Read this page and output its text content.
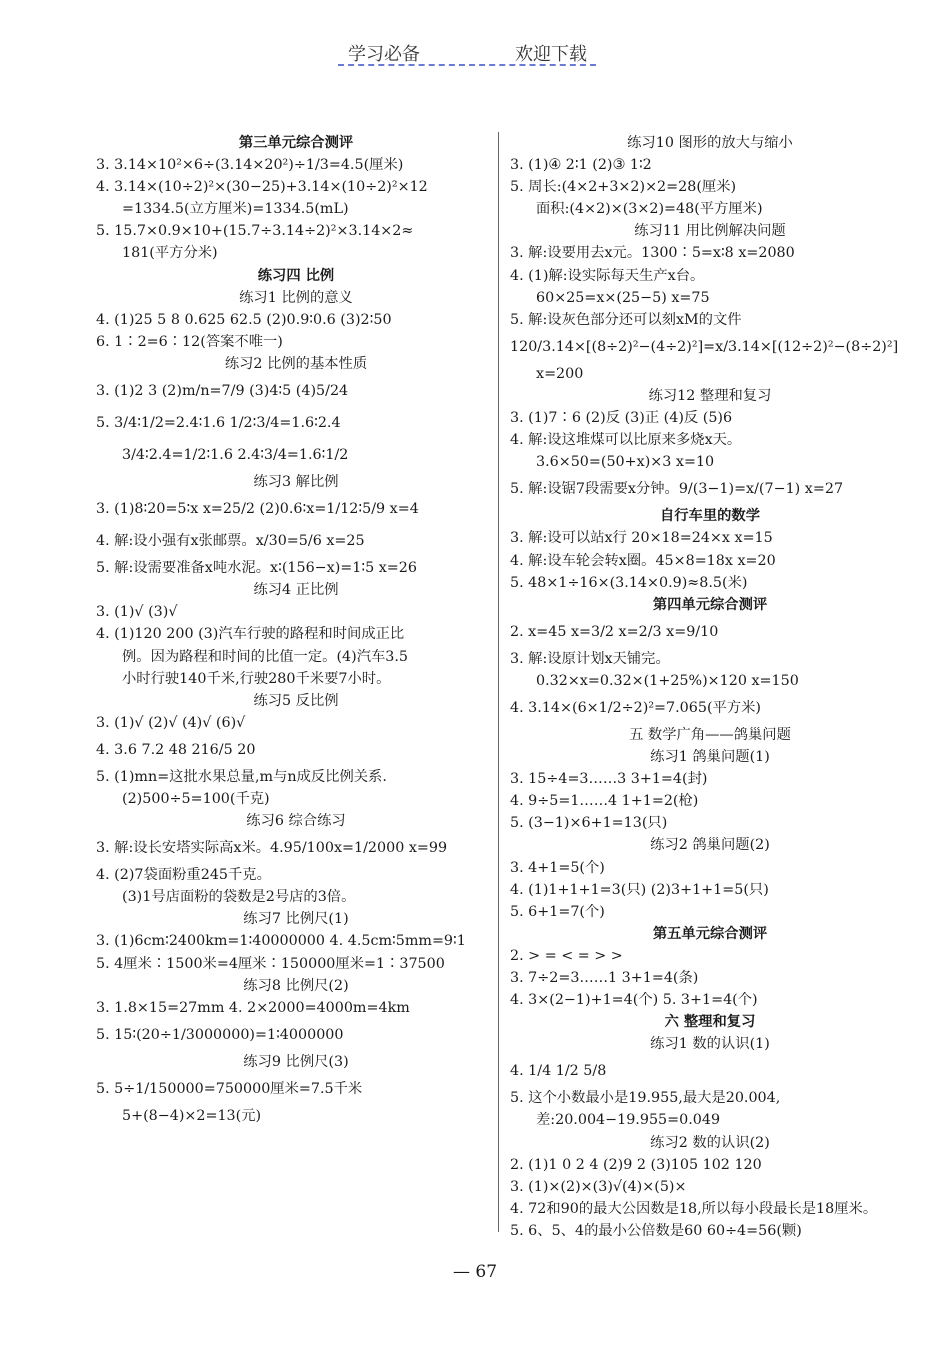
学习必备	欢迎下载
第三单元综合测评
3. 3.14×10²×6÷(3.14×20²)÷1/3=4.5(厘米)
4. 3.14×(10÷2)²×(30−25)+3.14×(10÷2)²×12
=1334.5(立方厘米)=1334.5(mL)
5. 15.7×0.9×10+(15.7÷3.14÷2)²×3.14×2≈
181(平方分米)
练习四 比例
练习1 比例的意义
4. (1)25 5 8 0.625 62.5 (2)0.9∶0.6 (3)2∶50
6. 1∶2=6∶12(答案不唯一)
练习2 比例的基本性质
3. (1)2 3 (2)m/n=7/9 (3)4∶5 (4)5/24
5. 3/4∶1/2=2.4∶1.6 1/2∶3/4=1.6∶2.4
3/4∶2.4=1/2∶1.6 2.4∶3/4=1.6∶1/2
练习3 解比例
3. (1)8∶20=5∶x x=25/2 (2)0.6∶x=1/12∶5/9 x=4
4. 解:设小强有x张邮票。x/30=5/6 x=25
5. 解:设需要准备x吨水泥。x∶(156−x)=1∶5 x=26
练习4 正比例
3. (1)√ (3)√
4. (1)120 200 (3)汽车行驶的路程和时间成正比
例。因为路程和时间的比值一定。(4)汽车3.5
小时行驶140千米,行驶280千米要7小时。
练习5 反比例
3. (1)√ (2)√ (4)√ (6)√
4. 3.6 7.2 48 216/5 20
5. (1)mn=这批水果总量,m与n成反比例关系.
(2)500÷5=100(千克)
练习6 综合练习
3. 解:设长安塔实际高x米。4.95/100x=1/2000 x=99
4. (2)7袋面粉重245千克。
(3)1号店面粉的袋数是2号店的3倍。
练习7 比例尺(1)
3. (1)6cm∶2400km=1∶40000000 4. 4.5cm∶5mm=9∶1
5. 4厘米∶1500米=4厘米∶150000厘米=1∶37500
练习8 比例尺(2)
3. 1.8×15=27mm 4. 2×2000=4000m=4km
5. 15∶(20÷1/3000000)=1∶4000000
练习9 比例尺(3)
5. 5÷1/150000=750000厘米=7.5千米
5+(8−4)×2=13(元)
练习10 图形的放大与缩小
3. (1)④ 2∶1 (2)③ 1∶2
5. 周长:(4×2+3×2)×2=28(厘米)
面积:(4×2)×(3×2)=48(平方厘米)
练习11 用比例解决问题
3. 解:设要用去x元。1300∶5=x∶8 x=2080
4. (1)解:设实际每天生产x台。
60×25=x×(25−5) x=75
5. 解:设灰色部分还可以刻xM的文件
120/3.14×[(8÷2)²−(4÷2)²]=x/3.14×[(12÷2)²−(8÷2)²]
x=200
练习12 整理和复习
3. (1)7∶6 (2)反 (3)正 (4)反 (5)6
4. 解:设这堆煤可以比原来多烧x天。
3.6×50=(50+x)×3 x=10
5. 解:设锯7段需要x分钟。9/(3−1)=x/(7−1) x=27
自行车里的数学
3. 解:设可以站x行 20×18=24×x x=15
4. 解:设车轮会转x圈。45×8=18x x=20
5. 48×1÷16×(3.14×0.9)≈8.5(米)
第四单元综合测评
2. x=45 x=3/2 x=2/3 x=9/10
3. 解:设原计划x天铺完。
0.32×x=0.32×(1+25%)×120 x=150
4. 3.14×(6×1/2÷2)²=7.065(平方米)
五 数学广角——鸽巢问题
练习1 鸽巢问题(1)
3. 15÷4=3……3 3+1=4(封)
4. 9÷5=1……4 1+1=2(枪)
5. (3−1)×6+1=13(只)
练习2 鸽巢问题(2)
3. 4+1=5(个)
4. (1)1+1+1=3(只) (2)3+1+1=5(只)
5. 6+1=7(个)
第五单元综合测评
2. > = < = > >
3. 7÷2=3……1 3+1=4(条)
4. 3×(2−1)+1=4(个) 5. 3+1=4(个)
六 整理和复习
练习1 数的认识(1)
4. 1/4 1/2 5/8
5. 这个小数最小是19.955,最大是20.004,
差:20.004−19.955=0.049
练习2 数的认识(2)
2. (1)1 0 2 4 (2)9 2 (3)105 102 120
3. (1)×(2)×(3)√(4)×(5)×
4. 72和90的最大公因数是18,所以每小段最长是18厘米。
5. 6、5、4的最小公倍数是60 60÷4=56(颗)
— 67
